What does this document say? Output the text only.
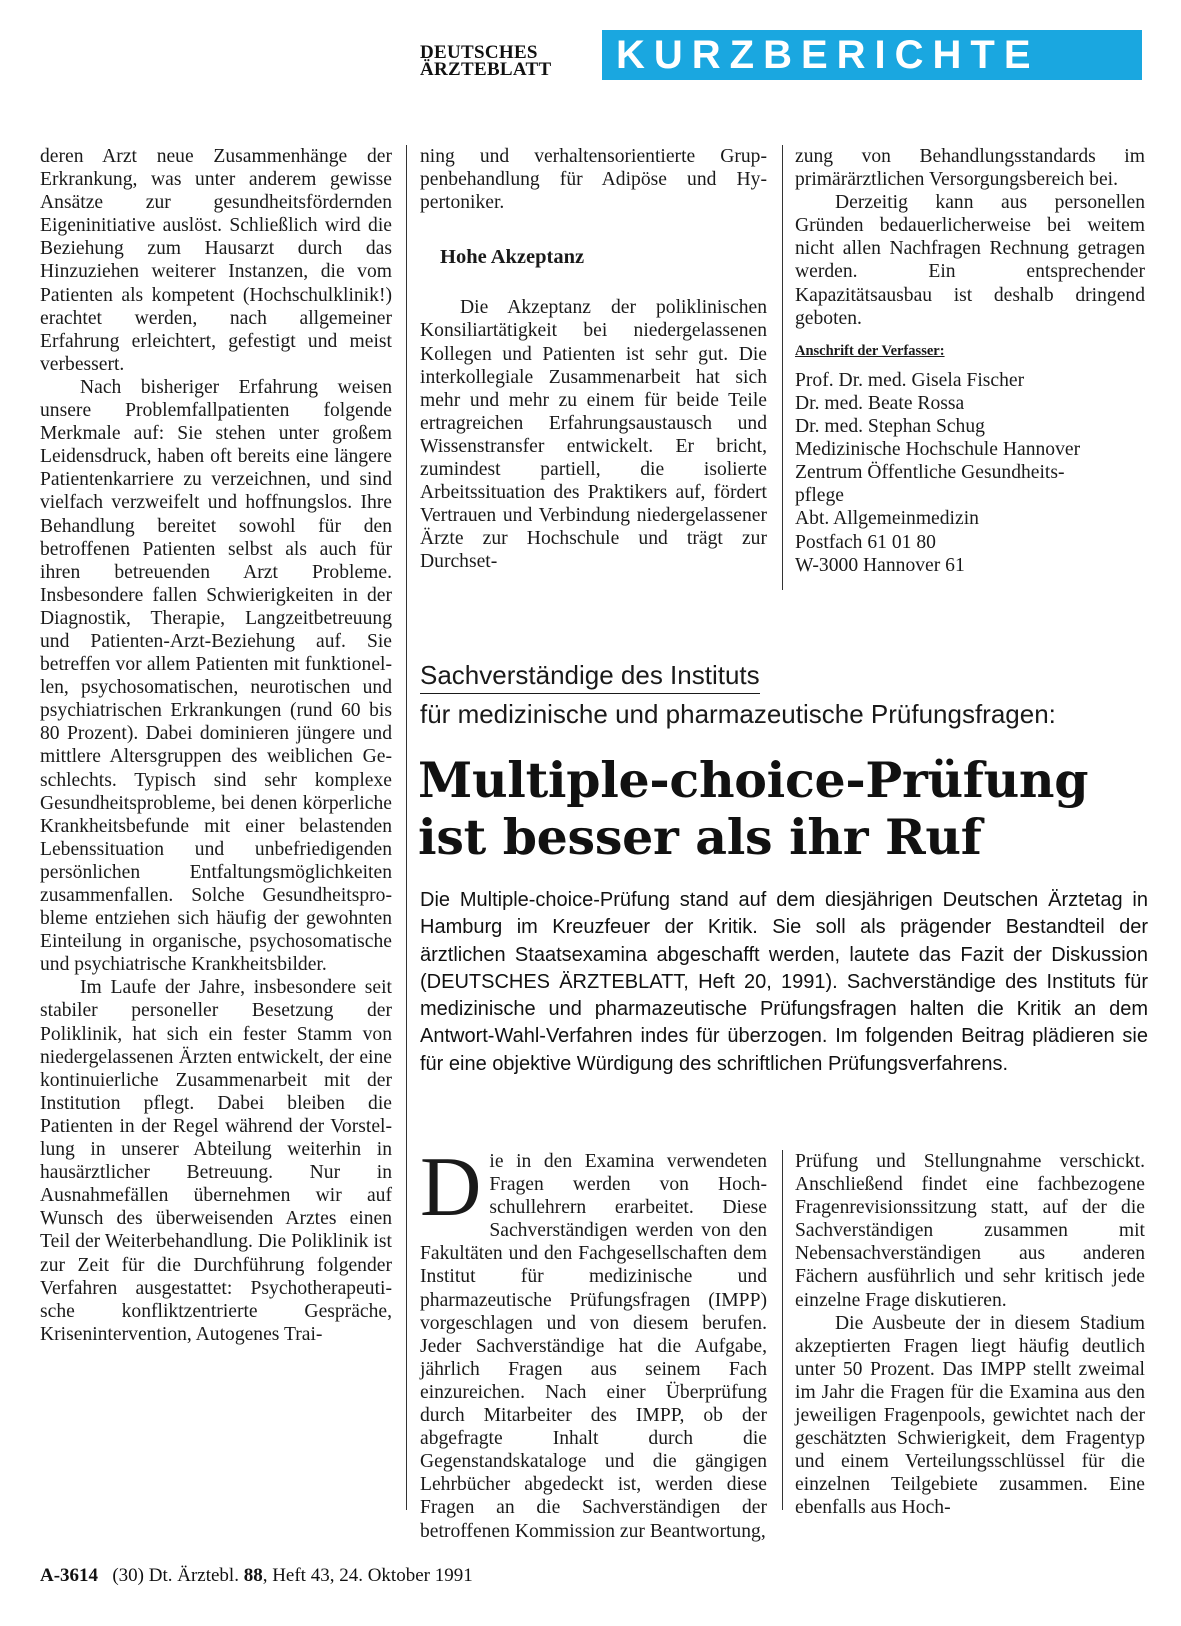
DEUTSCHES
ÄRZTEBLATT	KURZBERICHTE

deren Arzt neue Zusammenhänge der Erkrankung, was unter anderem gewisse Ansätze zur gesundheitsfördernden Eigeninitiative auslöst. Schließlich wird die Beziehung zum Hausarzt durch das Hinzuziehen weiterer Instanzen, die vom Patienten als kompetent (Hochschulklinik!) erachtet werden, nach allgemeiner Erfahrung erleichtert, gefestigt und meist verbessert.

Nach bisheriger Erfahrung weisen unsere Problemfallpatienten folgende Merkmale auf: Sie stehen unter großem Leidensdruck, haben oft bereits eine längere Patientenkarriere zu verzeichnen, und sind vielfach verzweifelt und hoffnungslos. Ihre Behandlung bereitet sowohl für den betroffenen Patienten selbst als auch für ihren betreuenden Arzt Probleme. Insbesondere fallen Schwierigkeiten in der Diagnostik, Therapie, Langzeitbetreuung und Patienten-Arzt-Beziehung auf. Sie betreffen vor allem Patienten mit funktionellen, psychosomatischen, neurotischen und psychiatrischen Erkrankungen (rund 60 bis 80 Prozent). Dabei dominieren jüngere und mittlere Altersgruppen des weiblichen Geschlechts. Typisch sind sehr komplexe Gesundheitsprobleme, bei denen körperliche Krankheitsbefunde mit einer belastenden Lebenssituation und unbefriedigenden persönlichen Entfaltungsmöglichkeiten zusammenfallen. Solche Gesundheitsprobleme entziehen sich häufig der gewohnten Einteilung in organische, psychosomatische und psychiatrische Krankheitsbilder.

Im Laufe der Jahre, insbesondere seit stabiler personeller Besetzung der Poliklinik, hat sich ein fester Stamm von niedergelassenen Ärzten entwickelt, der eine kontinuierliche Zusammenarbeit mit der Institution pflegt. Dabei bleiben die Patienten in der Regel während der Vorstellung in unserer Abteilung weiterhin in hausärztlicher Betreuung. Nur in Ausnahmefällen übernehmen wir auf Wunsch des überweisenden Arztes einen Teil der Weiterbehandlung. Die Poliklinik ist zur Zeit für die Durchführung folgender Verfahren ausgestattet: Psychotherapeutische konfliktzentrierte Gespräche, Krisenintervention, Autogenes Trai-

ning und verhaltensorientierte Gruppenbehandlung für Adipöse und Hypertoniker.

Hohe Akzeptanz

Die Akzeptanz der poliklinischen Konsiliartätigkeit bei niedergelassenen Kollegen und Patienten ist sehr gut. Die interkollegiale Zusammenarbeit hat sich mehr und mehr zu einem für beide Teile ertragreichen Erfahrungsaustausch und Wissenstransfer entwickelt. Er bricht, zumindest partiell, die isolierte Arbeitssituation des Praktikers auf, fördert Vertrauen und Verbindung niedergelassener Ärzte zur Hochschule und trägt zur Durchset-

zung von Behandlungsstandards im primärärztlichen Versorgungsbereich bei.

Derzeitig kann aus personellen Gründen bedauerlicherweise bei weitem nicht allen Nachfragen Rechnung getragen werden. Ein entsprechender Kapazitätsausbau ist deshalb dringend geboten.

Anschrift der Verfasser:
Prof. Dr. med. Gisela Fischer
Dr. med. Beate Rossa
Dr. med. Stephan Schug
Medizinische Hochschule Hannover
Zentrum Öffentliche Gesundheits-
pflege
Abt. Allgemeinmedizin
Postfach 61 01 80
W-3000 Hannover 61
Sachverständige des Instituts
für medizinische und pharmazeutische Prüfungsfragen:
Multiple-choice-Prüfung
ist besser als ihr Ruf
Die Multiple-choice-Prüfung stand auf dem diesjährigen Deutschen Ärztetag in Hamburg im Kreuzfeuer der Kritik. Sie soll als prägender Bestandteil der ärztlichen Staatsexamina abgeschafft werden, lautete das Fazit der Diskussion (DEUTSCHES ÄRZTEBLATT, Heft 20, 1991). Sachverständige des Instituts für medizinische und pharmazeutische Prüfungsfragen halten die Kritik an dem Antwort-Wahl-Verfahren indes für überzogen. Im folgenden Beitrag plädieren sie für eine objektive Würdigung des schriftlichen Prüfungsverfahrens.

Die in den Examina verwendeten Fragen werden von Hochschullehrern erarbeitet. Diese Sachverständigen werden von den Fakultäten und den Fachgesellschaften dem Institut für medizinische und pharmazeutische Prüfungsfragen (IMPP) vorgeschlagen und von diesem berufen. Jeder Sachverständige hat die Aufgabe, jährlich Fragen aus seinem Fach einzureichen. Nach einer Überprüfung durch Mitarbeiter des IMPP, ob der abgefragte Inhalt durch die Gegenstandskataloge und die gängigen Lehrbücher abgedeckt ist, werden diese Fragen an die Sachverständigen der betroffenen Kommission zur Beantwortung,

Prüfung und Stellungnahme verschickt. Anschließend findet eine fachbezogene Fragenrevisionssitzung statt, auf der die Sachverständigen zusammen mit Nebensachverständigen aus anderen Fächern ausführlich und sehr kritisch jede einzelne Frage diskutieren.

Die Ausbeute der in diesem Stadium akzeptierten Fragen liegt häufig deutlich unter 50 Prozent. Das IMPP stellt zweimal im Jahr die Fragen für die Examina aus den jeweiligen Fragenpools, gewichtet nach der geschätzten Schwierigkeit, dem Fragentyp und einem Verteilungsschlüssel für die einzelnen Teilgebiete zusammen. Eine ebenfalls aus Hoch-

A-3614 (30) Dt. Ärztebl. 88, Heft 43, 24. Oktober 1991
